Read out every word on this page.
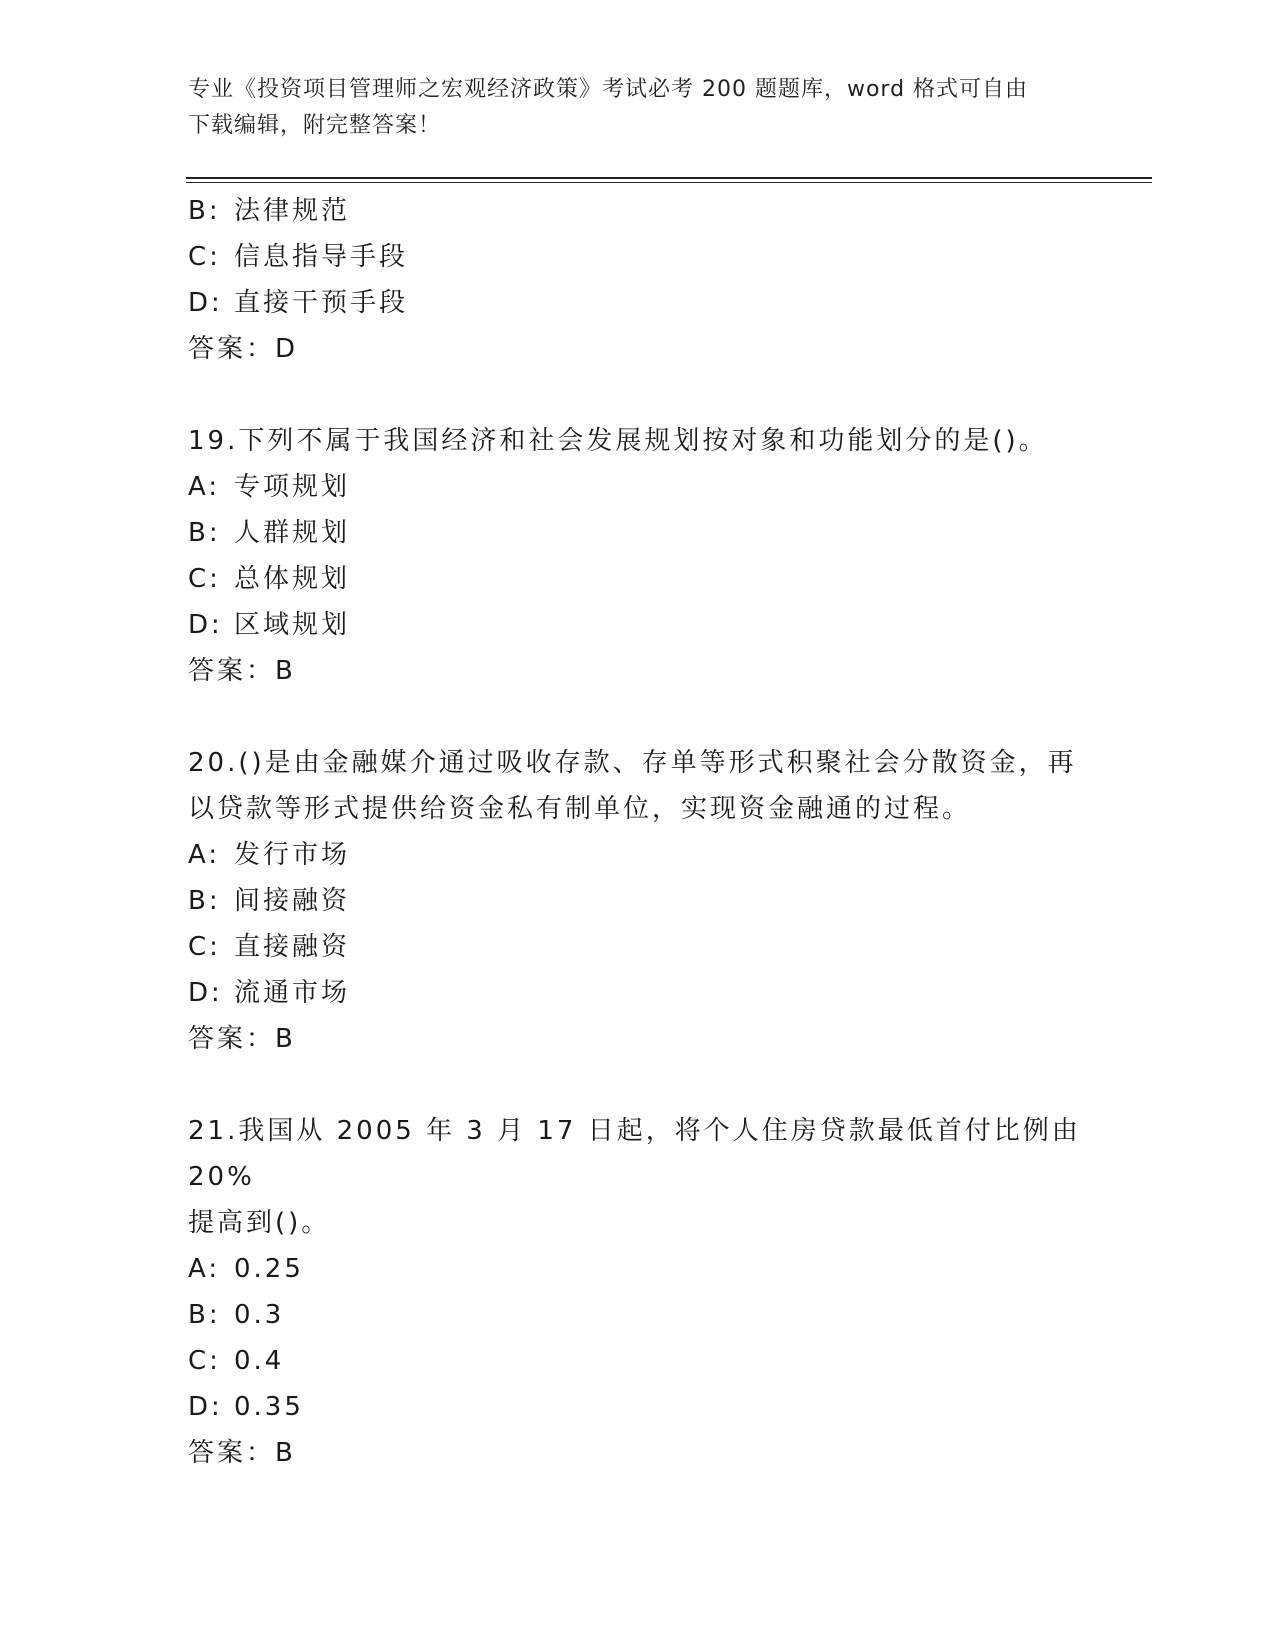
专业《投资项目管理师之宏观经济政策》考试必考 200 题题库，word 格式可自由
下载编辑，附完整答案！
B: 法律规范
C: 信息指导手段
D: 直接干预手段
答案：D
19.下列不属于我国经济和社会发展规划按对象和功能划分的是()。
A: 专项规划
B: 人群规划
C: 总体规划
D: 区域规划
答案：B
20.()是由金融媒介通过吸收存款、存单等形式积聚社会分散资金，再
以贷款等形式提供给资金私有制单位，实现资金融通的过程。
A: 发行市场
B: 间接融资
C: 直接融资
D: 流通市场
答案：B
21.我国从 2005 年 3 月 17 日起，将个人住房贷款最低首付比例由 20%
提高到()。
A: 0.25
B: 0.3
C: 0.4
D: 0.35
答案：B
